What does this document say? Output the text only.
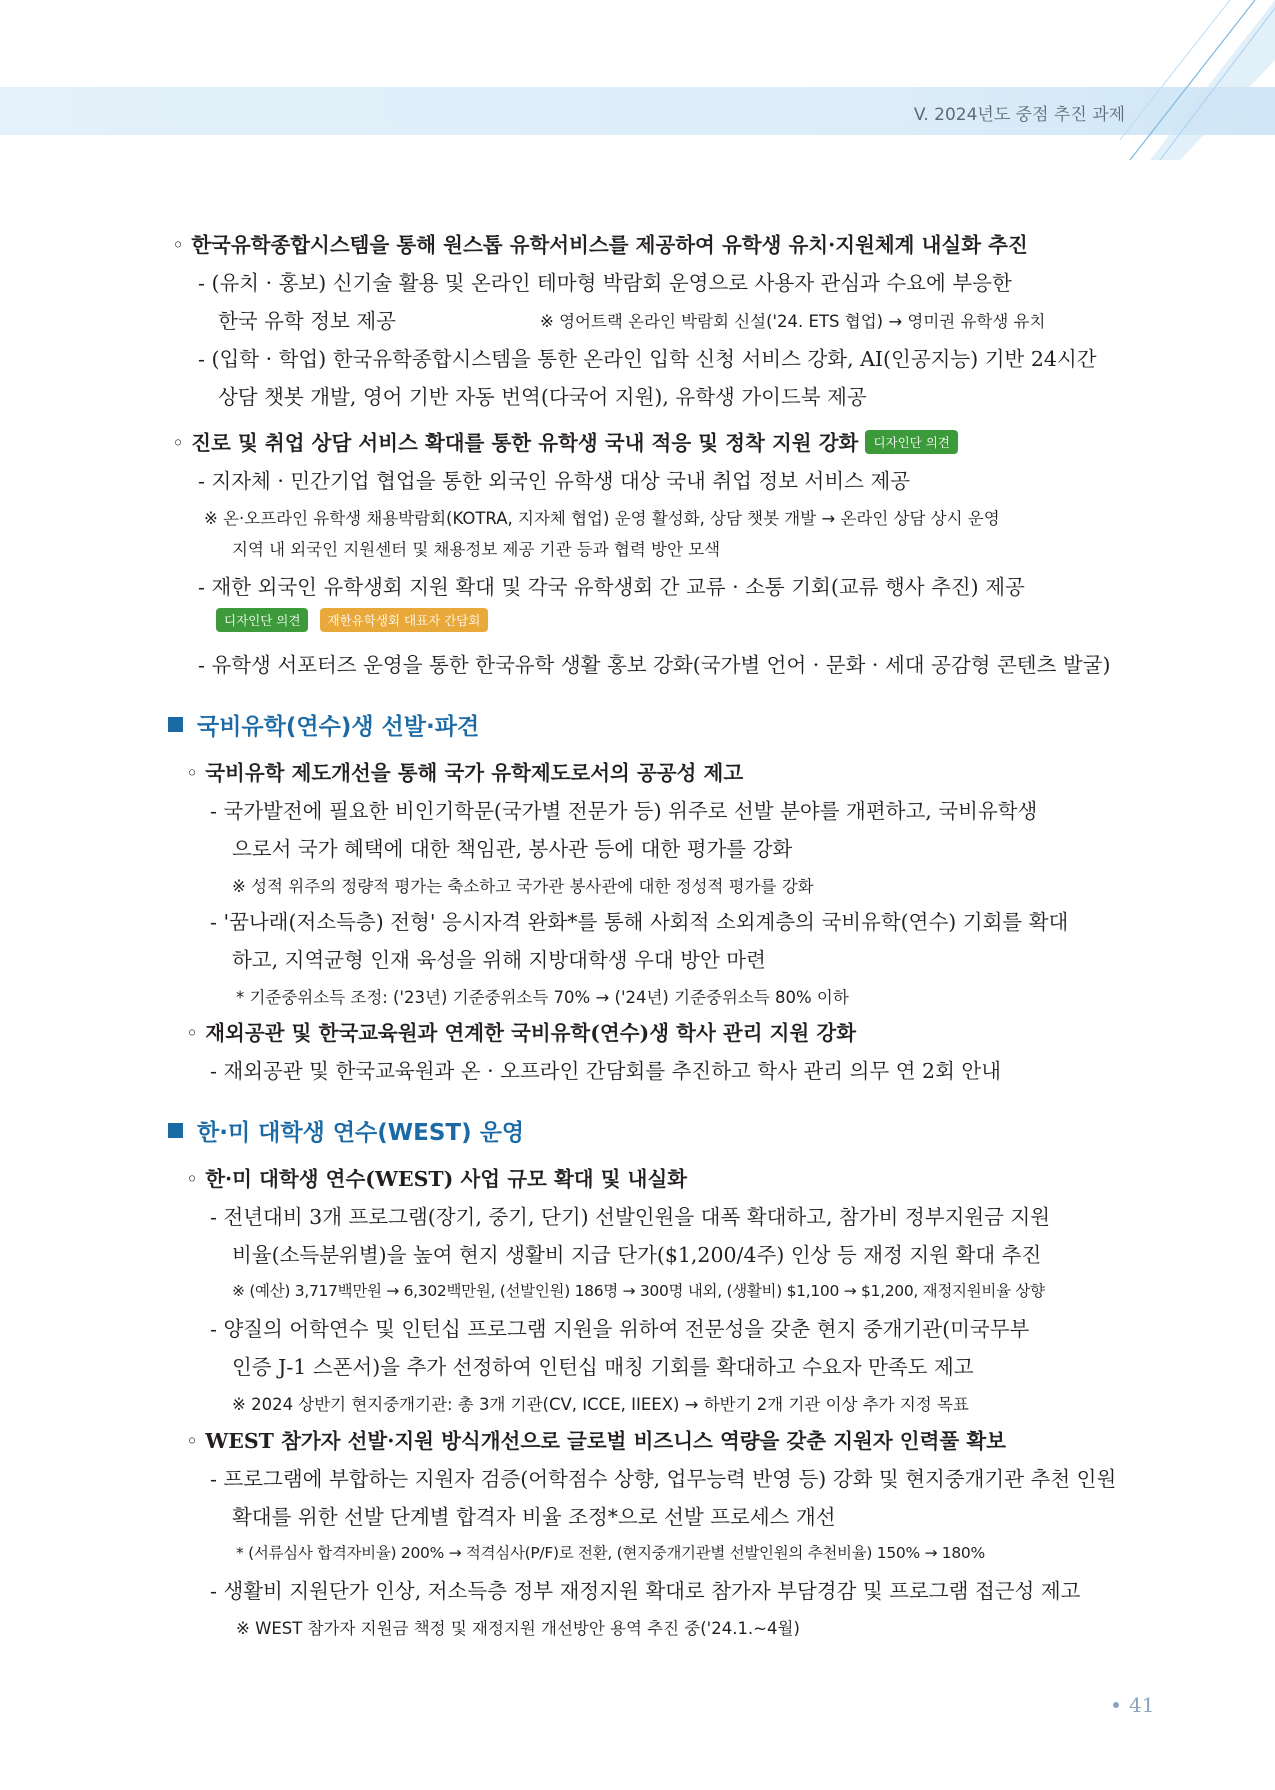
V. 2024년도 중점 추진 과제
◦ 한국유학종합시스템을 통해 원스톱 유학서비스를 제공하여 유학생 유치·지원체계 내실화 추진
- (유치 · 홍보) 신기술 활용 및 온라인 테마형 박람회 운영으로 사용자 관심과 수요에 부응한
한국 유학 정보 제공	※ 영어트랙 온라인 박람회 신설('24. ETS 협업) → 영미권 유학생 유치
- (입학 · 학업) 한국유학종합시스템을 통한 온라인 입학 신청 서비스 강화, AI(인공지능) 기반 24시간
상담 챗봇 개발, 영어 기반 자동 번역(다국어 지원), 유학생 가이드북 제공
◦ 진로 및 취업 상담 서비스 확대를 통한 유학생 국내 적응 및 정착 지원 강화 디자인단 의견
- 지자체 · 민간기업 협업을 통한 외국인 유학생 대상 국내 취업 정보 서비스 제공
※ 온·오프라인 유학생 채용박람회(KOTRA, 지자체 협업) 운영 활성화, 상담 챗봇 개발 → 온라인 상담 상시 운영
지역 내 외국인 지원센터 및 채용정보 제공 기관 등과 협력 방안 모색
- 재한 외국인 유학생회 지원 확대 및 각국 유학생회 간 교류 · 소통 기회(교류 행사 추진) 제공
디자인단 의견 재한유학생회 대표자 간담회
- 유학생 서포터즈 운영을 통한 한국유학 생활 홍보 강화(국가별 언어 · 문화 · 세대 공감형 콘텐츠 발굴)
국비유학(연수)생 선발·파견
◦ 국비유학 제도개선을 통해 국가 유학제도로서의 공공성 제고
- 국가발전에 필요한 비인기학문(국가별 전문가 등) 위주로 선발 분야를 개편하고, 국비유학생
으로서 국가 혜택에 대한 책임관, 봉사관 등에 대한 평가를 강화
※ 성적 위주의 정량적 평가는 축소하고 국가관 봉사관에 대한 정성적 평가를 강화
- '꿈나래(저소득층) 전형' 응시자격 완화*를 통해 사회적 소외계층의 국비유학(연수) 기회를 확대
하고, 지역균형 인재 육성을 위해 지방대학생 우대 방안 마련
* 기준중위소득 조정: ('23년) 기준중위소득 70% → ('24년) 기준중위소득 80% 이하
◦ 재외공관 및 한국교육원과 연계한 국비유학(연수)생 학사 관리 지원 강화
- 재외공관 및 한국교육원과 온 · 오프라인 간담회를 추진하고 학사 관리 의무 연 2회 안내
한·미 대학생 연수(WEST) 운영
◦ 한·미 대학생 연수(WEST) 사업 규모 확대 및 내실화
- 전년대비 3개 프로그램(장기, 중기, 단기) 선발인원을 대폭 확대하고, 참가비 정부지원금 지원
비율(소득분위별)을 높여 현지 생활비 지급 단가($1,200/4주) 인상 등 재정 지원 확대 추진
※ (예산) 3,717백만원 → 6,302백만원, (선발인원) 186명 → 300명 내외, (생활비) $1,100 → $1,200, 재정지원비율 상향
- 양질의 어학연수 및 인턴십 프로그램 지원을 위하여 전문성을 갖춘 현지 중개기관(미국무부
인증 J-1 스폰서)을 추가 선정하여 인턴십 매칭 기회를 확대하고 수요자 만족도 제고
※ 2024 상반기 현지중개기관: 총 3개 기관(CV, ICCE, IIEEX) → 하반기 2개 기관 이상 추가 지정 목표
◦ WEST 참가자 선발·지원 방식개선으로 글로벌 비즈니스 역량을 갖춘 지원자 인력풀 확보
- 프로그램에 부합하는 지원자 검증(어학점수 상향, 업무능력 반영 등) 강화 및 현지중개기관 추천 인원
확대를 위한 선발 단계별 합격자 비율 조정*으로 선발 프로세스 개선
* (서류심사 합격자비율) 200% → 적격심사(P/F)로 전환, (현지중개기관별 선발인원의 추천비율) 150% → 180%
- 생활비 지원단가 인상, 저소득층 정부 재정지원 확대로 참가자 부담경감 및 프로그램 접근성 제고
※ WEST 참가자 지원금 책정 및 재정지원 개선방안 용역 추진 중('24.1.~4월)
41
